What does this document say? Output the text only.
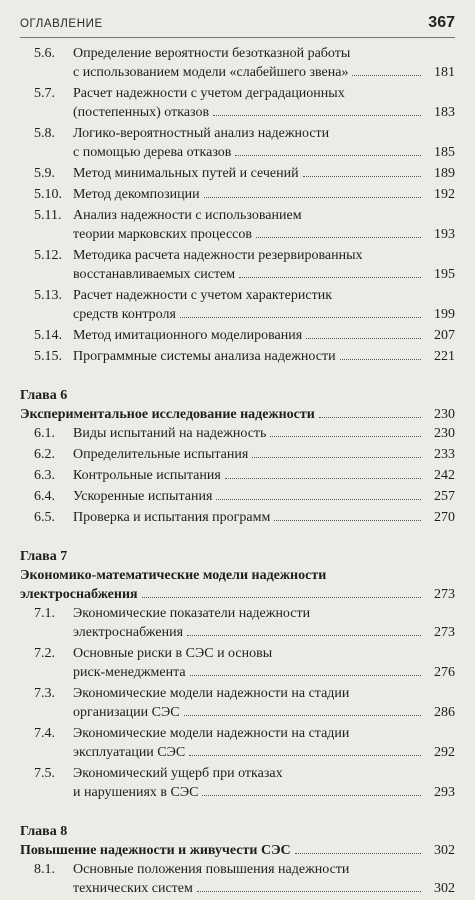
ОГЛАВЛЕНИЕ	367
5.6. Определение вероятности безотказной работы
с использованием модели «слабейшего звена»	181
5.7. Расчет надежности с учетом деградационных
(постепенных) отказов	183
5.8. Логико-вероятностный анализ надежности
с помощью дерева отказов	185
5.9. Метод минимальных путей и сечений	189
5.10. Метод декомпозиции	192
5.11. Анализ надежности с использованием
теории марковских процессов	193
5.12. Методика расчета надежности резервированных
восстанавливаемых систем	195
5.13. Расчет надежности с учетом характеристик
средств контроля	199
5.14. Метод имитационного моделирования	207
5.15. Программные системы анализа надежности	221
Глава 6
Экспериментальное исследование надежности	230
6.1. Виды испытаний на надежность	230
6.2. Определительные испытания	233
6.3. Контрольные испытания	242
6.4. Ускоренные испытания	257
6.5. Проверка и испытания программ	270
Глава 7
Экономико-математические модели надежности
электроснабжения	273
7.1. Экономические показатели надежности
электроснабжения	273
7.2. Основные риски в СЭС и основы
риск-менеджмента	276
7.3. Экономические модели надежности на стадии
организации СЭС	286
7.4. Экономические модели надежности на стадии
эксплуатации СЭС	292
7.5. Экономический ущерб при отказах
и нарушениях в СЭС	293
Глава 8
Повышение надежности и живучести СЭС	302
8.1. Основные положения повышения надежности
технических систем	302
